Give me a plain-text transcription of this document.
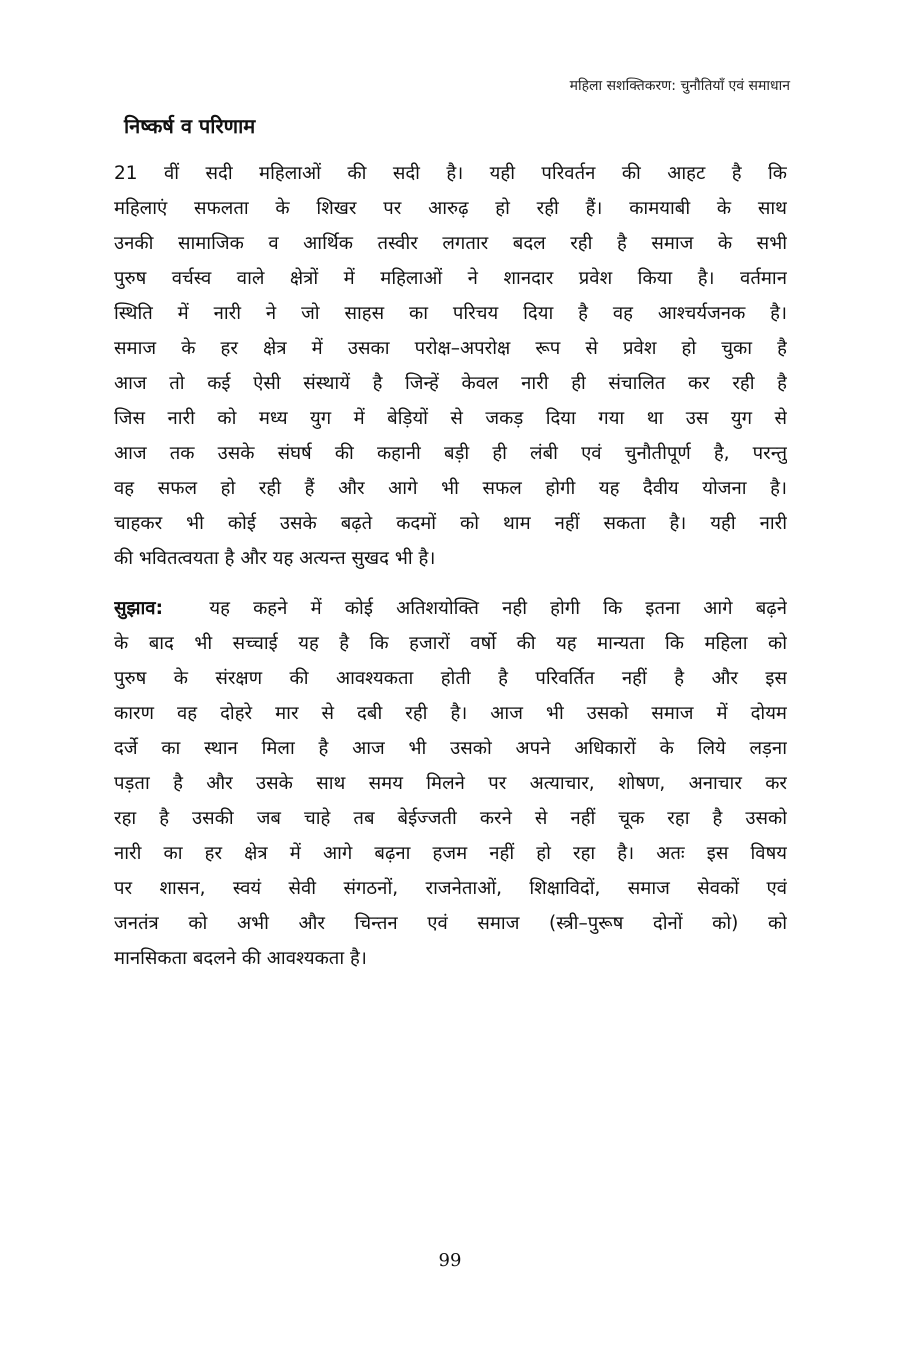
महिला सशक्तिकरण: चुनौतियाँ एवं समाधान
निष्कर्ष व परिणाम
21 वीं सदी महिलाओं की सदी है। यही परिवर्तन की आहट है कि
महिलाएं सफलता के शिखर पर आरुढ़ हो रही हैं। कामयाबी के साथ
उनकी सामाजिक व आर्थिक तस्वीर लगतार बदल रही है समाज के सभी
पुरुष वर्चस्व वाले क्षेत्रों में महिलाओं ने शानदार प्रवेश किया है। वर्तमान
स्थिति में नारी ने जो साहस का परिचय दिया है वह आश्चर्यजनक है।
समाज के हर क्षेत्र में उसका परोक्ष–अपरोक्ष रूप से प्रवेश हो चुका है
आज तो कई ऐसी संस्थायें है जिन्हें केवल नारी ही संचालित कर रही है
जिस नारी को मध्य युग में बेड़ियों से जकड़ दिया गया था उस युग से
आज तक उसके संघर्ष की कहानी बड़ी ही लंबी एवं चुनौतीपूर्ण है, परन्तु
वह सफल हो रही हैं और आगे भी सफल होगी यह दैवीय योजना है।
चाहकर भी कोई उसके बढ़ते कदमों को थाम नहीं सकता है। यही नारी
की भवितत्वयता है और यह अत्यन्त सुखद भी है।
सुझाव:	यह कहने में कोई अतिशयोक्ति नही होगी कि इतना आगे बढ़ने
के बाद भी सच्चाई यह है कि हजारों वर्षो की यह मान्यता कि महिला को
पुरुष के संरक्षण की आवश्यकता होती है परिवर्तित नहीं है और इस
कारण वह दोहरे मार से दबी रही है। आज भी उसको समाज में दोयम
दर्जे का स्थान मिला है आज भी उसको अपने अधिकारों के लिये लड़ना
पड़ता है और उसके साथ समय मिलने पर अत्याचार, शोषण, अनाचार कर
रहा है उसकी जब चाहे तब बेईज्जती करने से नहीं चूक रहा है उसको
नारी का हर क्षेत्र में आगे बढ़ना हजम नहीं हो रहा है। अतः इस विषय
पर शासन, स्वयं सेवी संगठनों, राजनेताओं, शिक्षाविदों, समाज सेवकों एवं
जनतंत्र को अभी और चिन्तन एवं समाज (स्त्री–पुरूष दोनों को) को
मानसिकता बदलने की आवश्यकता है।
99
